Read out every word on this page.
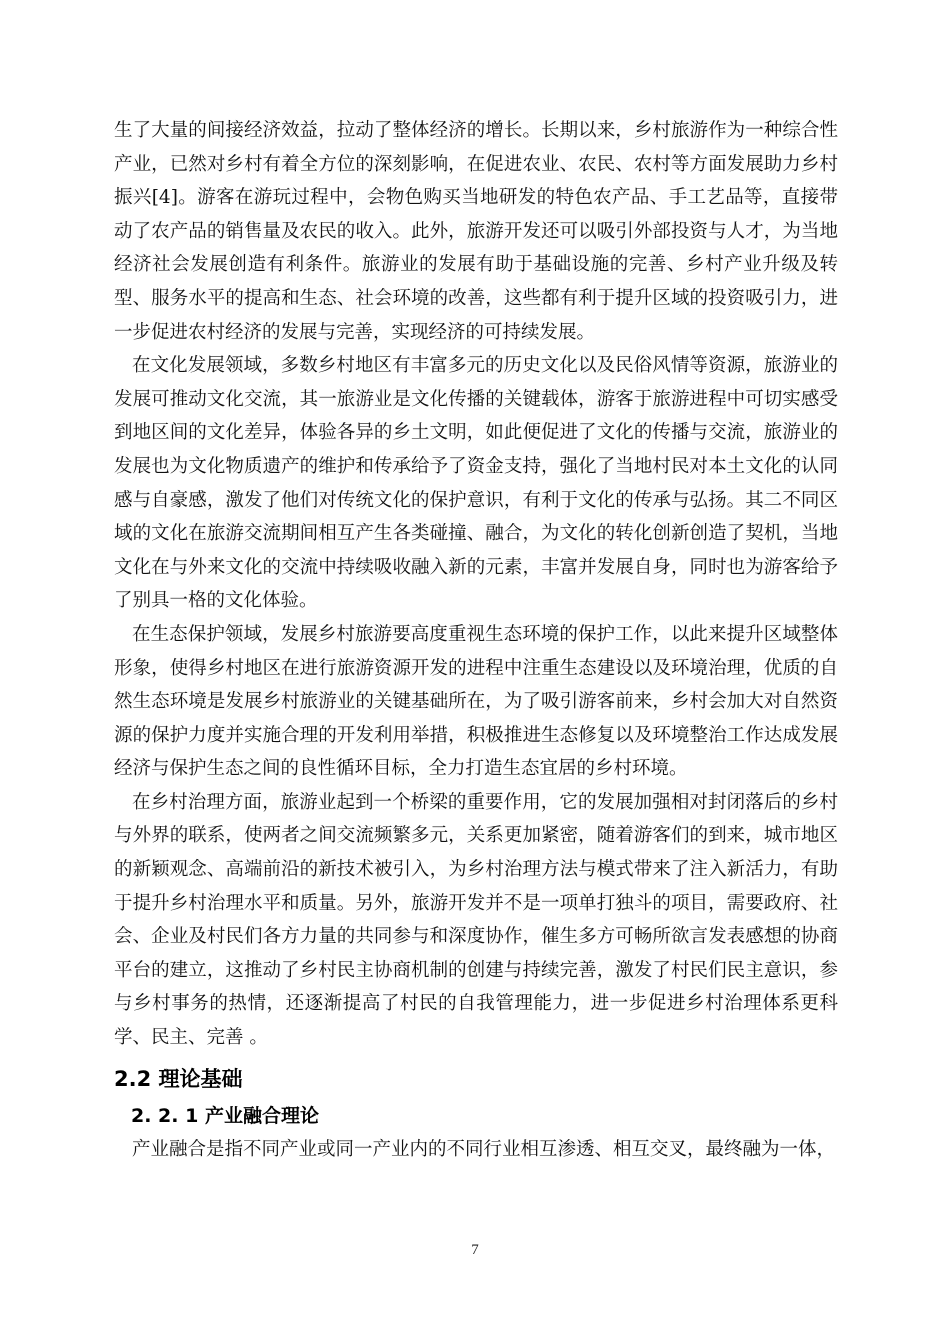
生了大量的间接经济效益，拉动了整体经济的增长。长期以来，乡村旅游作为一种综合性产业，已然对乡村有着全方位的深刻影响，在促进农业、农民、农村等方面发展助力乡村振兴[4]。游客在游玩过程中，会物色购买当地研发的特色农产品、手工艺品等，直接带动了农产品的销售量及农民的收入。此外，旅游开发还可以吸引外部投资与人才，为当地经济社会发展创造有利条件。旅游业的发展有助于基础设施的完善、乡村产业升级及转型、服务水平的提高和生态、社会环境的改善，这些都有利于提升区域的投资吸引力，进一步促进农村经济的发展与完善，实现经济的可持续发展。

在文化发展领域，多数乡村地区有丰富多元的历史文化以及民俗风情等资源，旅游业的发展可推动文化交流，其一旅游业是文化传播的关键载体，游客于旅游进程中可切实感受到地区间的文化差异，体验各异的乡土文明，如此便促进了文化的传播与交流，旅游业的发展也为文化物质遗产的维护和传承给予了资金支持，强化了当地村民对本土文化的认同感与自豪感，激发了他们对传统文化的保护意识，有利于文化的传承与弘扬。其二不同区域的文化在旅游交流期间相互产生各类碰撞、融合，为文化的转化创新创造了契机，当地文化在与外来文化的交流中持续吸收融入新的元素，丰富并发展自身，同时也为游客给予了别具一格的文化体验。

在生态保护领域，发展乡村旅游要高度重视生态环境的保护工作，以此来提升区域整体形象，使得乡村地区在进行旅游资源开发的进程中注重生态建设以及环境治理，优质的自然生态环境是发展乡村旅游业的关键基础所在，为了吸引游客前来，乡村会加大对自然资源的保护力度并实施合理的开发利用举措，积极推进生态修复以及环境整治工作达成发展经济与保护生态之间的良性循环目标，全力打造生态宜居的乡村环境。

在乡村治理方面，旅游业起到一个桥梁的重要作用，它的发展加强相对封闭落后的乡村与外界的联系，使两者之间交流频繁多元，关系更加紧密，随着游客们的到来，城市地区的新颖观念、高端前沿的新技术被引入，为乡村治理方法与模式带来了注入新活力，有助于提升乡村治理水平和质量。另外，旅游开发并不是一项单打独斗的项目，需要政府、社会、企业及村民们各方力量的共同参与和深度协作，催生多方可畅所欲言发表感想的协商平台的建立，这推动了乡村民主协商机制的创建与持续完善，激发了村民们民主意识，参与乡村事务的热情，还逐渐提高了村民的自我管理能力，进一步促进乡村治理体系更科学、民主、完善 。

2.2 理论基础
2. 2. 1 产业融合理论

产业融合是指不同产业或同一产业内的不同行业相互渗透、相互交叉，最终融为一体，

7
